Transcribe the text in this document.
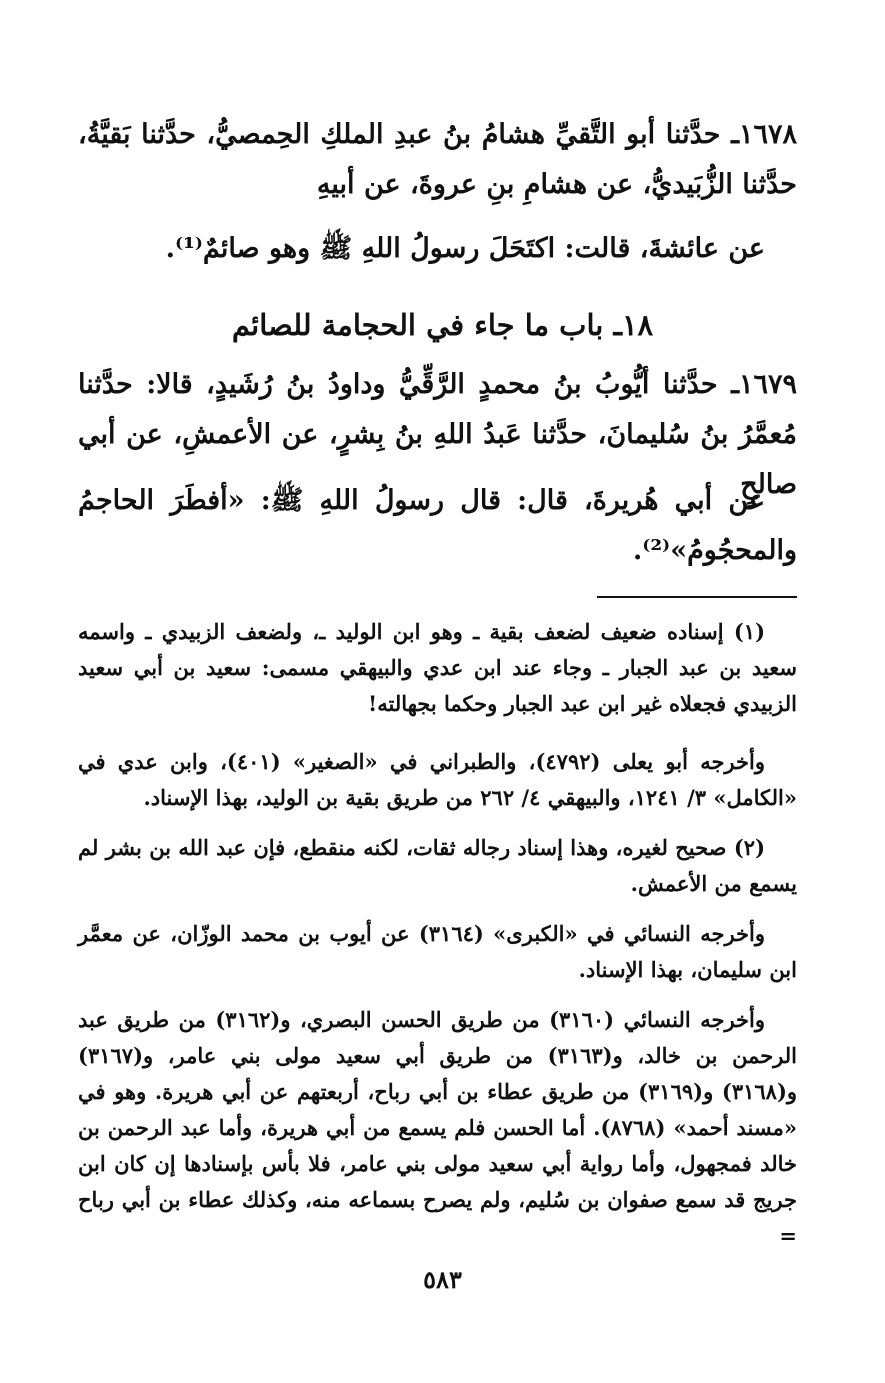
١٦٧٨ـ حدَّثنا أبو التَّقيِّ هشامُ بنُ عبدِ الملكِ الحِمصيُّ، حدَّثنا بَقيَّةُ، حدَّثنا الزُّبَيديُّ، عن هشامِ بنِ عروةَ، عن أبيهِ
عن عائشةَ، قالت: اكتَحَلَ رسولُ اللهِ ﷺ وهو صائمٌ⁽¹⁾.
١٨ـ باب ما جاء في الحجامة للصائم
١٦٧٩ـ حدَّثنا أيُّوبُ بنُ محمدٍ الرَّقِّيُّ وداودُ بنُ رُشَيدٍ، قالا: حدَّثنا مُعمَّرُ بنُ سُليمانَ، حدَّثنا عَبدُ اللهِ بنُ بِشرٍ، عن الأعمشِ، عن أبي صالحٍ
عن أبي هُريرةَ، قال: قال رسولُ اللهِ ﷺ: «أفطَرَ الحاجمُ والمحجُومُ»⁽²⁾.
(١) إسناده ضعيف لضعف بقية ـ وهو ابن الوليد ـ، ولضعف الزبيدي ـ واسمه سعيد بن عبد الجبار ـ وجاء عند ابن عدي والبيهقي مسمى: سعيد بن أبي سعيد الزبيدي فجعلاه غير ابن عبد الجبار وحكما بجهالته!
وأخرجه أبو يعلى (٤٧٩٢)، والطبراني في «الصغير» (٤٠١)، وابن عدي في «الكامل» ٣/ ١٢٤١، والبيهقي ٤/ ٢٦٢ من طريق بقية بن الوليد، بهذا الإسناد.
(٢) صحيح لغيره، وهذا إسناد رجاله ثقات، لكنه منقطع، فإن عبد الله بن بشر لم يسمع من الأعمش.
وأخرجه النسائي في «الكبرى» (٣١٦٤) عن أيوب بن محمد الوزّان، عن معمَّر ابن سليمان، بهذا الإسناد.
وأخرجه النسائي (٣١٦٠) من طريق الحسن البصري، و(٣١٦٢) من طريق عبد الرحمن بن خالد، و(٣١٦٣) من طريق أبي سعيد مولى بني عامر، و(٣١٦٧) و(٣١٦٨) و(٣١٦٩) من طريق عطاء بن أبي رباح، أربعتهم عن أبي هريرة. وهو في «مسند أحمد» (٨٧٦٨). أما الحسن فلم يسمع من أبي هريرة، وأما عبد الرحمن بن خالد فمجهول، وأما رواية أبي سعيد مولى بني عامر، فلا بأس بإسنادها إن كان ابن جريج قد سمع صفوان بن سُليم، ولم يصرح بسماعه منه، وكذلك عطاء بن أبي رباح =
٥٨٣
